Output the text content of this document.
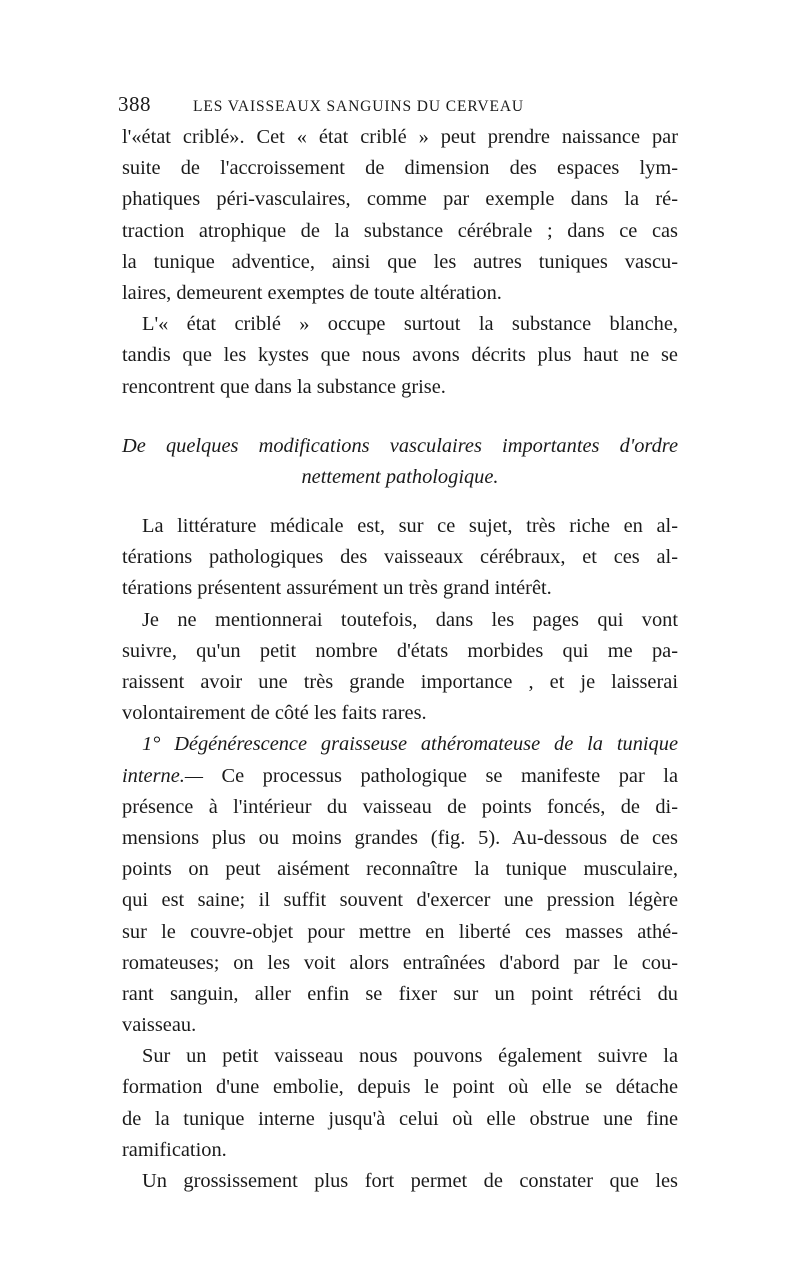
388	LES VAISSEAUX SANGUINS DU CERVEAU
l'«état criblé». Cet « état criblé » peut prendre naissance par
suite de l'accroissement de dimension des espaces lym-
phatiques péri-vasculaires, comme par exemple dans la ré-
traction atrophique de la substance cérébrale ; dans ce cas
la tunique adventice, ainsi que les autres tuniques vascu-
laires, demeurent exemptes de toute altération.
L'« état criblé » occupe surtout la substance blanche,
tandis que les kystes que nous avons décrits plus haut ne se
rencontrent que dans la substance grise.
De quelques modifications vasculaires importantes d'ordre
nettement pathologique.
La littérature médicale est, sur ce sujet, très riche en al-
térations pathologiques des vaisseaux cérébraux, et ces al-
térations présentent assurément un très grand intérêt.
Je ne mentionnerai toutefois, dans les pages qui vont
suivre, qu'un petit nombre d'états morbides qui me pa-
raissent avoir une très grande importance , et je laisserai
volontairement de côté les faits rares.
1° Dégénérescence graisseuse athéromateuse de la tunique
interne.— Ce processus pathologique se manifeste par la
présence à l'intérieur du vaisseau de points foncés, de di-
mensions plus ou moins grandes (fig. 5). Au-dessous de ces
points on peut aisément reconnaître la tunique musculaire,
qui est saine; il suffit souvent d'exercer une pression légère
sur le couvre-objet pour mettre en liberté ces masses athé-
romateuses; on les voit alors entraînées d'abord par le cou-
rant sanguin, aller enfin se fixer sur un point rétréci du
vaisseau.
Sur un petit vaisseau nous pouvons également suivre la
formation d'une embolie, depuis le point où elle se détache
de la tunique interne jusqu'à celui où elle obstrue une fine
ramification.
Un grossissement plus fort permet de constater que les
